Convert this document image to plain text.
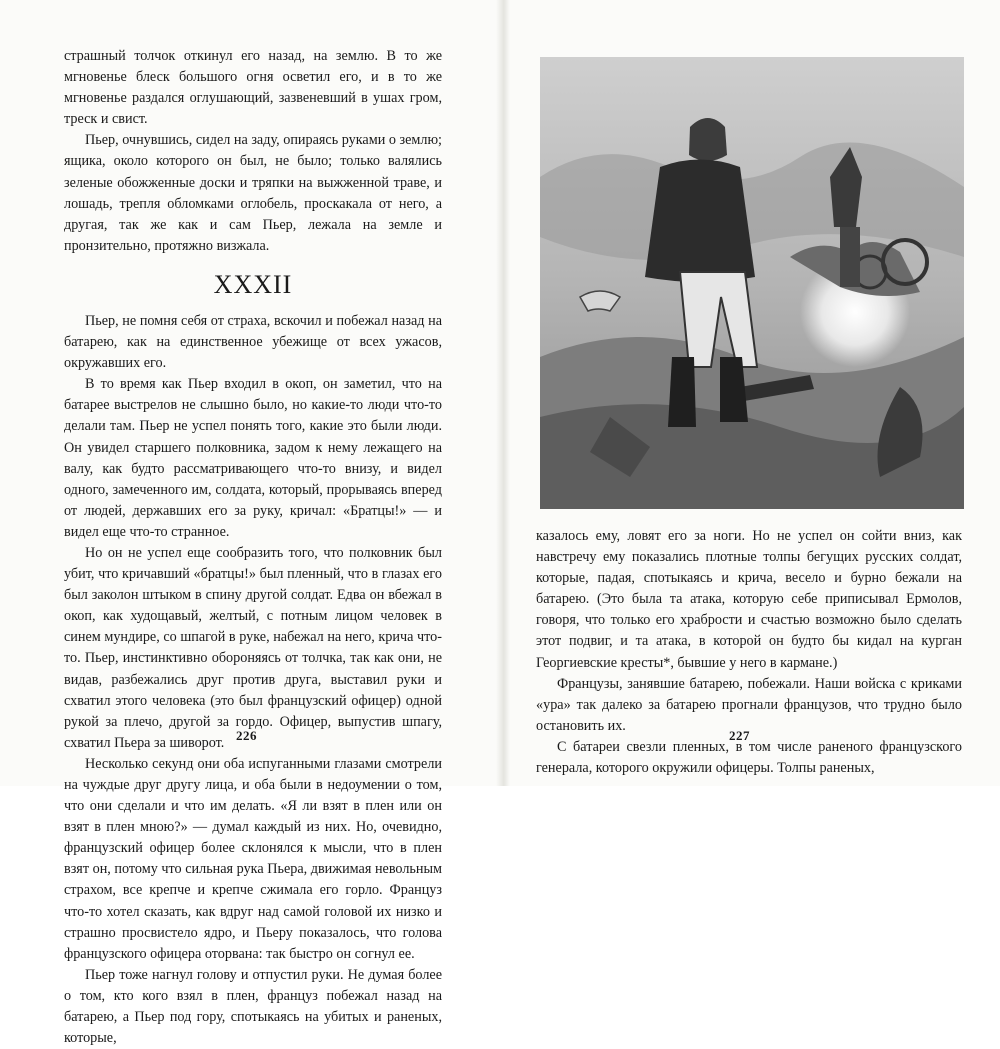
страшный толчок откинул его назад, на землю. В то же мгновенье блеск большого огня осветил его, и в то же мгновенье раздался оглушающий, зазвеневший в ушах гром, треск и свист.

Пьер, очнувшись, сидел на заду, опираясь руками о землю; ящика, около которого он был, не было; только валялись зеленые обожженные доски и тряпки на выжженной траве, и лошадь, трепля обломками оглобель, проскакала от него, а другая, так же как и сам Пьер, лежала на земле и пронзительно, протяжно визжала.

XXXII

Пьер, не помня себя от страха, вскочил и побежал назад на батарею, как на единственное убежище от всех ужасов, окружавших его.

В то время как Пьер входил в окоп, он заметил, что на батарее выстрелов не слышно было, но какие-то люди что-то делали там. Пьер не успел понять того, какие это были люди. Он увидел старшего полковника, задом к нему лежащего на валу, как будто рассматривающего что-то внизу, и видел одного, замеченного им, солдата, который, прорываясь вперед от людей, державших его за руку, кричал: «Братцы!» — и видел еще что-то странное.

Но он не успел еще сообразить того, что полковник был убит, что кричавший «братцы!» был пленный, что в глазах его был заколон штыком в спину другой солдат. Едва он вбежал в окоп, как худощавый, желтый, с потным лицом человек в синем мундире, со шпагой в руке, набежал на него, крича что-то. Пьер, инстинктивно обороняясь от толчка, так как они, не видав, разбежались друг против друга, выставил руки и схватил этого человека (это был французский офицер) одной рукой за плечо, другой за гордо. Офицер, выпустив шпагу, схватил Пьера за шиворот.

Несколько секунд они оба испуганными глазами смотрели на чуждые друг другу лица, и оба были в недоумении о том, что они сделали и что им делать. «Я ли взят в плен или он взят в плен мною?» — думал каждый из них. Но, очевидно, французский офицер более склонялся к мысли, что в плен взят он, потому что сильная рука Пьера, движимая невольным страхом, все крепче и крепче сжимала его горло. Француз что-то хотел сказать, как вдруг над самой головой их низко и страшно просвистело ядро, и Пьеру показалось, что голова французского офицера оторвана: так быстро он согнул ее.

Пьер тоже нагнул голову и отпустил руки. Не думая более о том, кто кого взял в плен, француз побежал назад на батарею, а Пьер под гору, спотыкаясь на убитых и раненых, которые,

226

казалось ему, ловят его за ноги. Но не успел он сойти вниз, как навстречу ему показались плотные толпы бегущих русских солдат, которые, падая, спотыкаясь и крича, весело и бурно бежали на батарею. (Это была та атака, которую себе приписывал Ермолов, говоря, что только его храбрости и счастью возможно было сделать этот подвиг, и та атака, в которой он будто бы кидал на курган Георгиевские кресты*, бывшие у него в кармане.)

Французы, занявшие батарею, побежали. Наши войска с криками «ура» так далеко за батарею прогнали французов, что трудно было остановить их.

С батареи свезли пленных, в том числе раненого французского генерала, которого окружили офицеры. Толпы раненых,

227
